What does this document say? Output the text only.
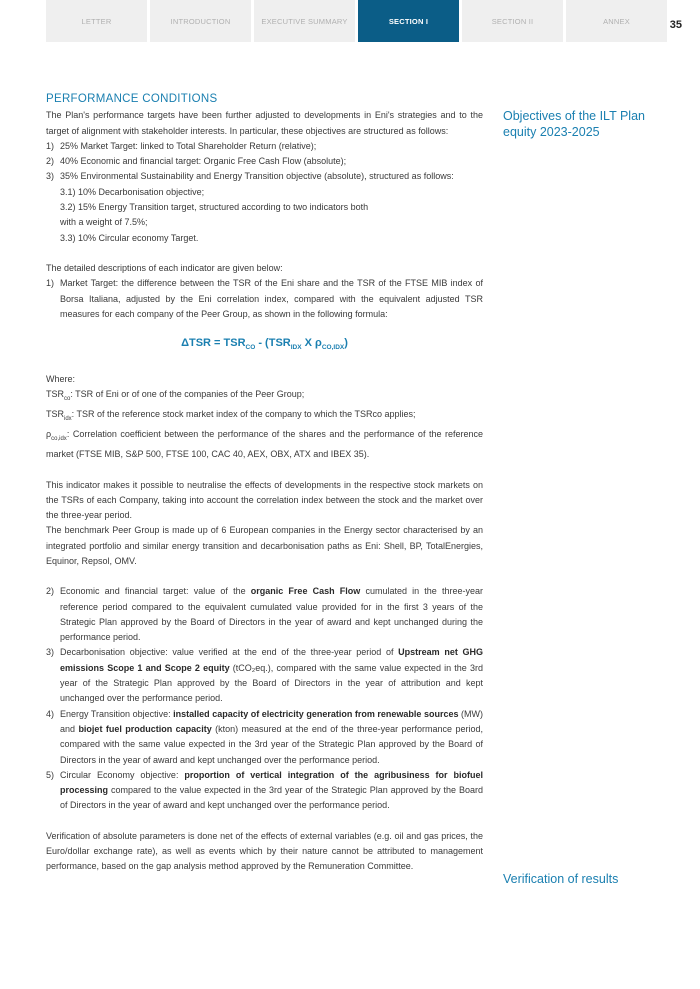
LETTER	INTRODUCTION	EXECUTIVE SUMMARY	SECTION I	SECTION II	ANNEX	35
Objectives of the ILT Plan equity 2023-2025
Verification of results
PERFORMANCE CONDITIONS

The Plan's performance targets have been further adjusted to developments in Eni's strategies and to the target of alignment with stakeholder interests. In particular, these objectives are structured as follows:

1) 25% Market Target: linked to Total Shareholder Return (relative);
2) 40% Economic and financial target: Organic Free Cash Flow (absolute);
3) 35% Environmental Sustainability and Energy Transition objective (absolute), structured as follows:
3.1) 10% Decarbonisation objective;
3.2) 15% Energy Transition target, structured according to two indicators both
with a weight of 7.5%;
3.3) 10% Circular economy Target.

The detailed descriptions of each indicator are given below:

1) Market Target: the difference between the TSR of the Eni share and the TSR of the FTSE MIB index of Borsa Italiana, adjusted by the Eni correlation index, compared with the equivalent adjusted TSR measures for each company of the Peer Group, as shown in the following formula:
$\Delta TSR = TSR_{CO} - (TSR_{IDX}$ X $\rho_{CO,IDX}$)

Where:

$TSR_{co}$: TSR of Eni or of one of the companies of the Peer Group;

$TSR_{idx}$: TSR of the reference stock market index of the company to which the TSRco applies;

$\rho_{co,idx}$: Correlation coefficient between the performance of the shares and the performance of the reference market (FTSE MIB, S&P 500, FTSE 100, CAC 40, AEX, OBX, ATX and IBEX 35).

This indicator makes it possible to neutralise the effects of developments in the respective stock markets on the TSRs of each Company, taking into account the correlation index between the stock and the market over the three-year period.

The benchmark Peer Group is made up of 6 European companies in the Energy sector characterised by an integrated portfolio and similar energy transition and decarbonisation paths as Eni: Shell, BP, TotalEnergies, Equinor, Repsol, OMV.

2) Economic and financial target: value of the organic Free Cash Flow cumulated in the three-year reference period compared to the equivalent cumulated value provided for in the first 3 years of the Strategic Plan approved by the Board of Directors in the year of award and kept unchanged during the performance period.
3) Decarbonisation objective: value verified at the end of the three-year period of Upstream net GHG emissions Scope 1 and Scope 2 equity (tCO₂eq.), compared with the same value expected in the 3rd year of the Strategic Plan approved by the Board of Directors in the year of attribution and kept unchanged over the performance period.
4) Energy Transition objective: installed capacity of electricity generation from renewable sources (MW) and biojet fuel production capacity (kton) measured at the end of the three-year performance period, compared with the same value expected in the 3rd year of the Strategic Plan approved by the Board of Directors in the year of award and kept unchanged over the performance period.
5) Circular Economy objective: proportion of vertical integration of the agribusiness for biofuel processing compared to the value expected in the 3rd year of the Strategic Plan approved by the Board of Directors in the year of award and kept unchanged over the performance period.

Verification of absolute parameters is done net of the effects of external variables (e.g. oil and gas prices, the Euro/dollar exchange rate), as well as events which by their nature cannot be attributed to management performance, based on the gap analysis method approved by the Remuneration Committee.
